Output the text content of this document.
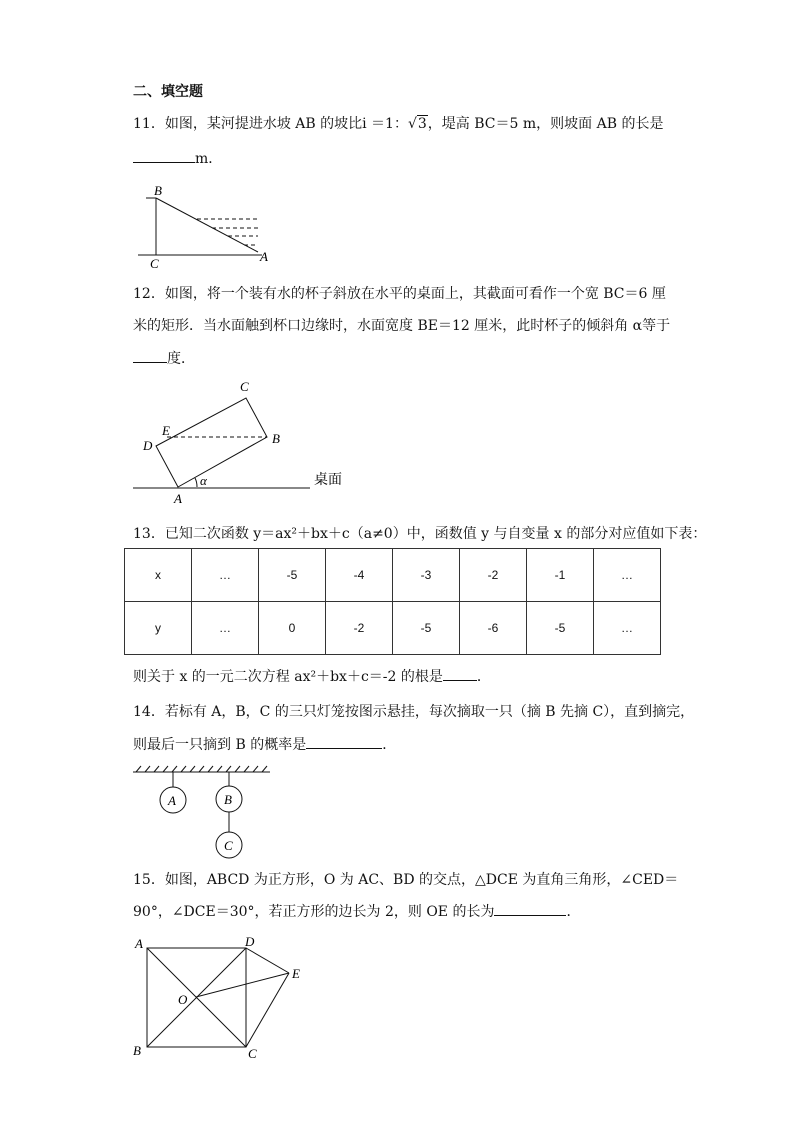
二、填空题
11．如图，某河提进水坡 AB 的坡比i ＝1：√3，堤高 BC＝5 m，则坡面 AB 的长是
m．
B
C	A
C
E
D	B
A
α	桌面
A	B
C
A	D
E
O
B	C
12．如图，将一个装有水的杯子斜放在水平的桌面上，其截面可看作一个宽 BC＝6 厘
米的矩形．当水面触到杯口边缘时，水面宽度 BE＝12 厘米，此时杯子的倾斜角 α等于
度．
13．已知二次函数 y＝ax²＋bx＋c（a≠0）中，函数值 y 与自变量 x 的部分对应值如下表：
x	…	-5	-4	-3	-2	-1	…
y	…	0	-2	-5	-6	-5	…
则关于 x 的一元二次方程 ax²＋bx＋c＝-2 的根是 ．
14．若标有 A，B，C 的三只灯笼按图示悬挂，每次摘取一只（摘 B 先摘 C），直到摘完，
则最后一只摘到 B 的概率是	．
15．如图，ABCD 为正方形，O 为 AC、BD 的交点，△DCE 为直角三角形，∠CED＝
90°，∠DCE＝30°，若正方形的边长为 2，则 OE 的长为	．
